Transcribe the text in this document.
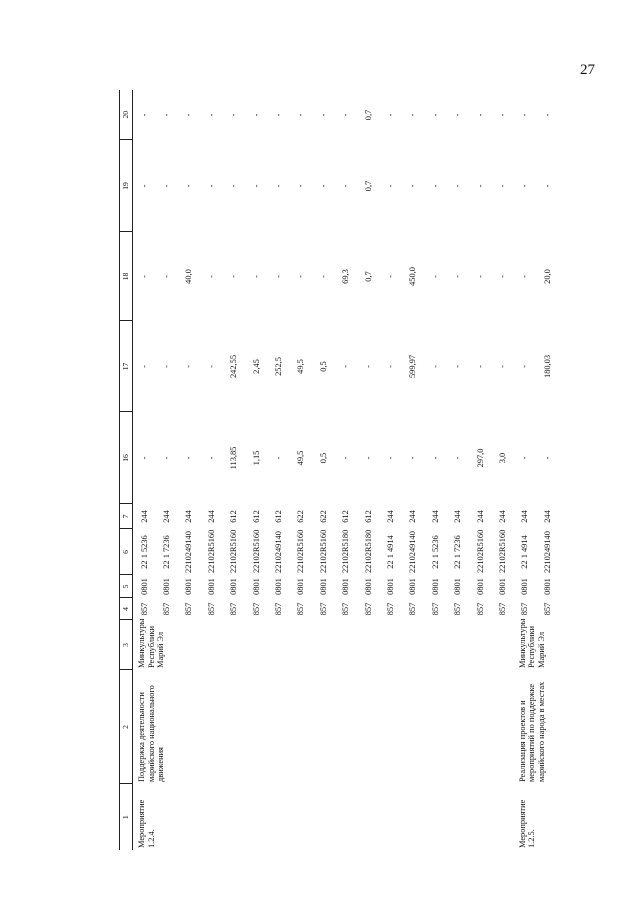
27
1	2	3	4	5	6	7	16	17	18	19	20
Мероприятие 1.2.4.	Поддержка деятельности марийского национального движения	Минкультуры Республики Марий Эл	857	0801	22 1 5236	244	-	-	-	-	-
			857	0801	22 1 7236	244	-	-	-	-	-
			857	0801	2210249140	244	-	-	40,0	-	-
			857	0801	22102R5160	244	-	-	-	-	-
			857	0801	22102R5160	612	113,85	242,55	-	-	-
			857	0801	22102R5160	612	1,15	2,45	-	-	-
			857	0801	2210249140	612	-	252,5	-	-	-
			857	0801	22102R5160	622	49,5	49,5	-	-	-
			857	0801	22102R5160	622	0,5	0,5	-	-	-
			857	0801	22102R5180	612	-	-	69,3	-	-
			857	0801	22102R5180	612	-	-	0,7	0,7	0,7
			857	0801	22 1 4914	244	-	-	-	-	-
			857	0801	2210249140	244	-	599,97	450,0	-	-
			857	0801	22 1 5236	244	-	-	-	-	-
			857	0801	22 1 7236	244	-	-	-	-	-
			857	0801	22102R5160	244	297,0	-	-	-	-
			857	0801	22102R5160	244	3,0	-	-	-	-
Мероприятие 1.2.5.	Реализация проектов и мероприятий по поддержке марийского народа в местах	Минкультуры Республики Марий Эл	857	0801	22 1 4914	244	-	-	-	-	-
			857	0801	2210249140	244	-	180,03	20,0	-	-
